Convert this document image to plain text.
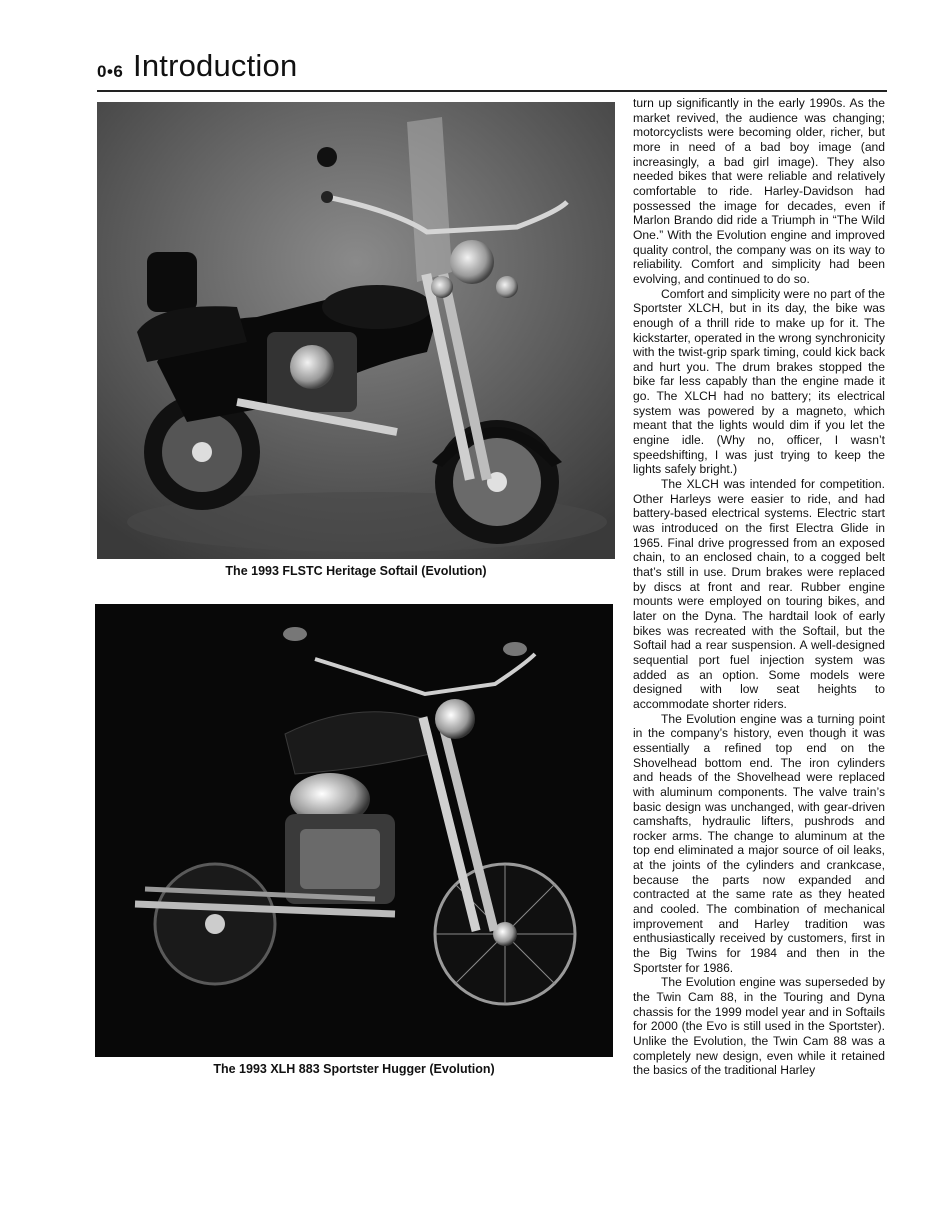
0•6 Introduction
The 1993 FLSTC Heritage Softail (Evolution)
The 1993 XLH 883 Sportster Hugger (Evolution)

turn up significantly in the early 1990s. As the market revived, the audience was changing; motorcyclists were becoming older, richer, but more in need of a bad boy image (and increasingly, a bad girl image). They also needed bikes that were reliable and relatively comfortable to ride. Harley-Davidson had possessed the image for decades, even if Marlon Brando did ride a Triumph in “The Wild One.” With the Evolution engine and improved quality control, the company was on its way to reliability. Comfort and simplicity had been evolving, and continued to do so.

Comfort and simplicity were no part of the Sportster XLCH, but in its day, the bike was enough of a thrill ride to make up for it. The kickstarter, operated in the wrong synchronicity with the twist-grip spark timing, could kick back and hurt you. The drum brakes stopped the bike far less capably than the engine made it go. The XLCH had no battery; its electrical system was powered by a magneto, which meant that the lights would dim if you let the engine idle. (Why no, officer, I wasn’t speedshifting, I was just trying to keep the lights safely bright.)

The XLCH was intended for competition. Other Harleys were easier to ride, and had battery-based electrical systems. Electric start was introduced on the first Electra Glide in 1965. Final drive progressed from an exposed chain, to an enclosed chain, to a cogged belt that’s still in use. Drum brakes were replaced by discs at front and rear. Rubber engine mounts were employed on touring bikes, and later on the Dyna. The hardtail look of early bikes was recreated with the Softail, but the Softail had a rear suspension. A well-designed sequential port fuel injection system was added as an option. Some models were designed with low seat heights to accommodate shorter riders.

The Evolution engine was a turning point in the company’s history, even though it was essentially a refined top end on the Shovelhead bottom end. The iron cylinders and heads of the Shovelhead were replaced with aluminum components. The valve train’s basic design was unchanged, with gear-driven camshafts, hydraulic lifters, pushrods and rocker arms. The change to aluminum at the top end eliminated a major source of oil leaks, at the joints of the cylinders and crankcase, because the parts now expanded and contracted at the same rate as they heated and cooled. The combination of mechanical improvement and Harley tradition was enthusiastically received by customers, first in the Big Twins for 1984 and then in the Sportster for 1986.

The Evolution engine was superseded by the Twin Cam 88, in the Touring and Dyna chassis for the 1999 model year and in Softails for 2000 (the Evo is still used in the Sportster). Unlike the Evolution, the Twin Cam 88 was a completely new design, even while it retained the basics of the traditional Harley
